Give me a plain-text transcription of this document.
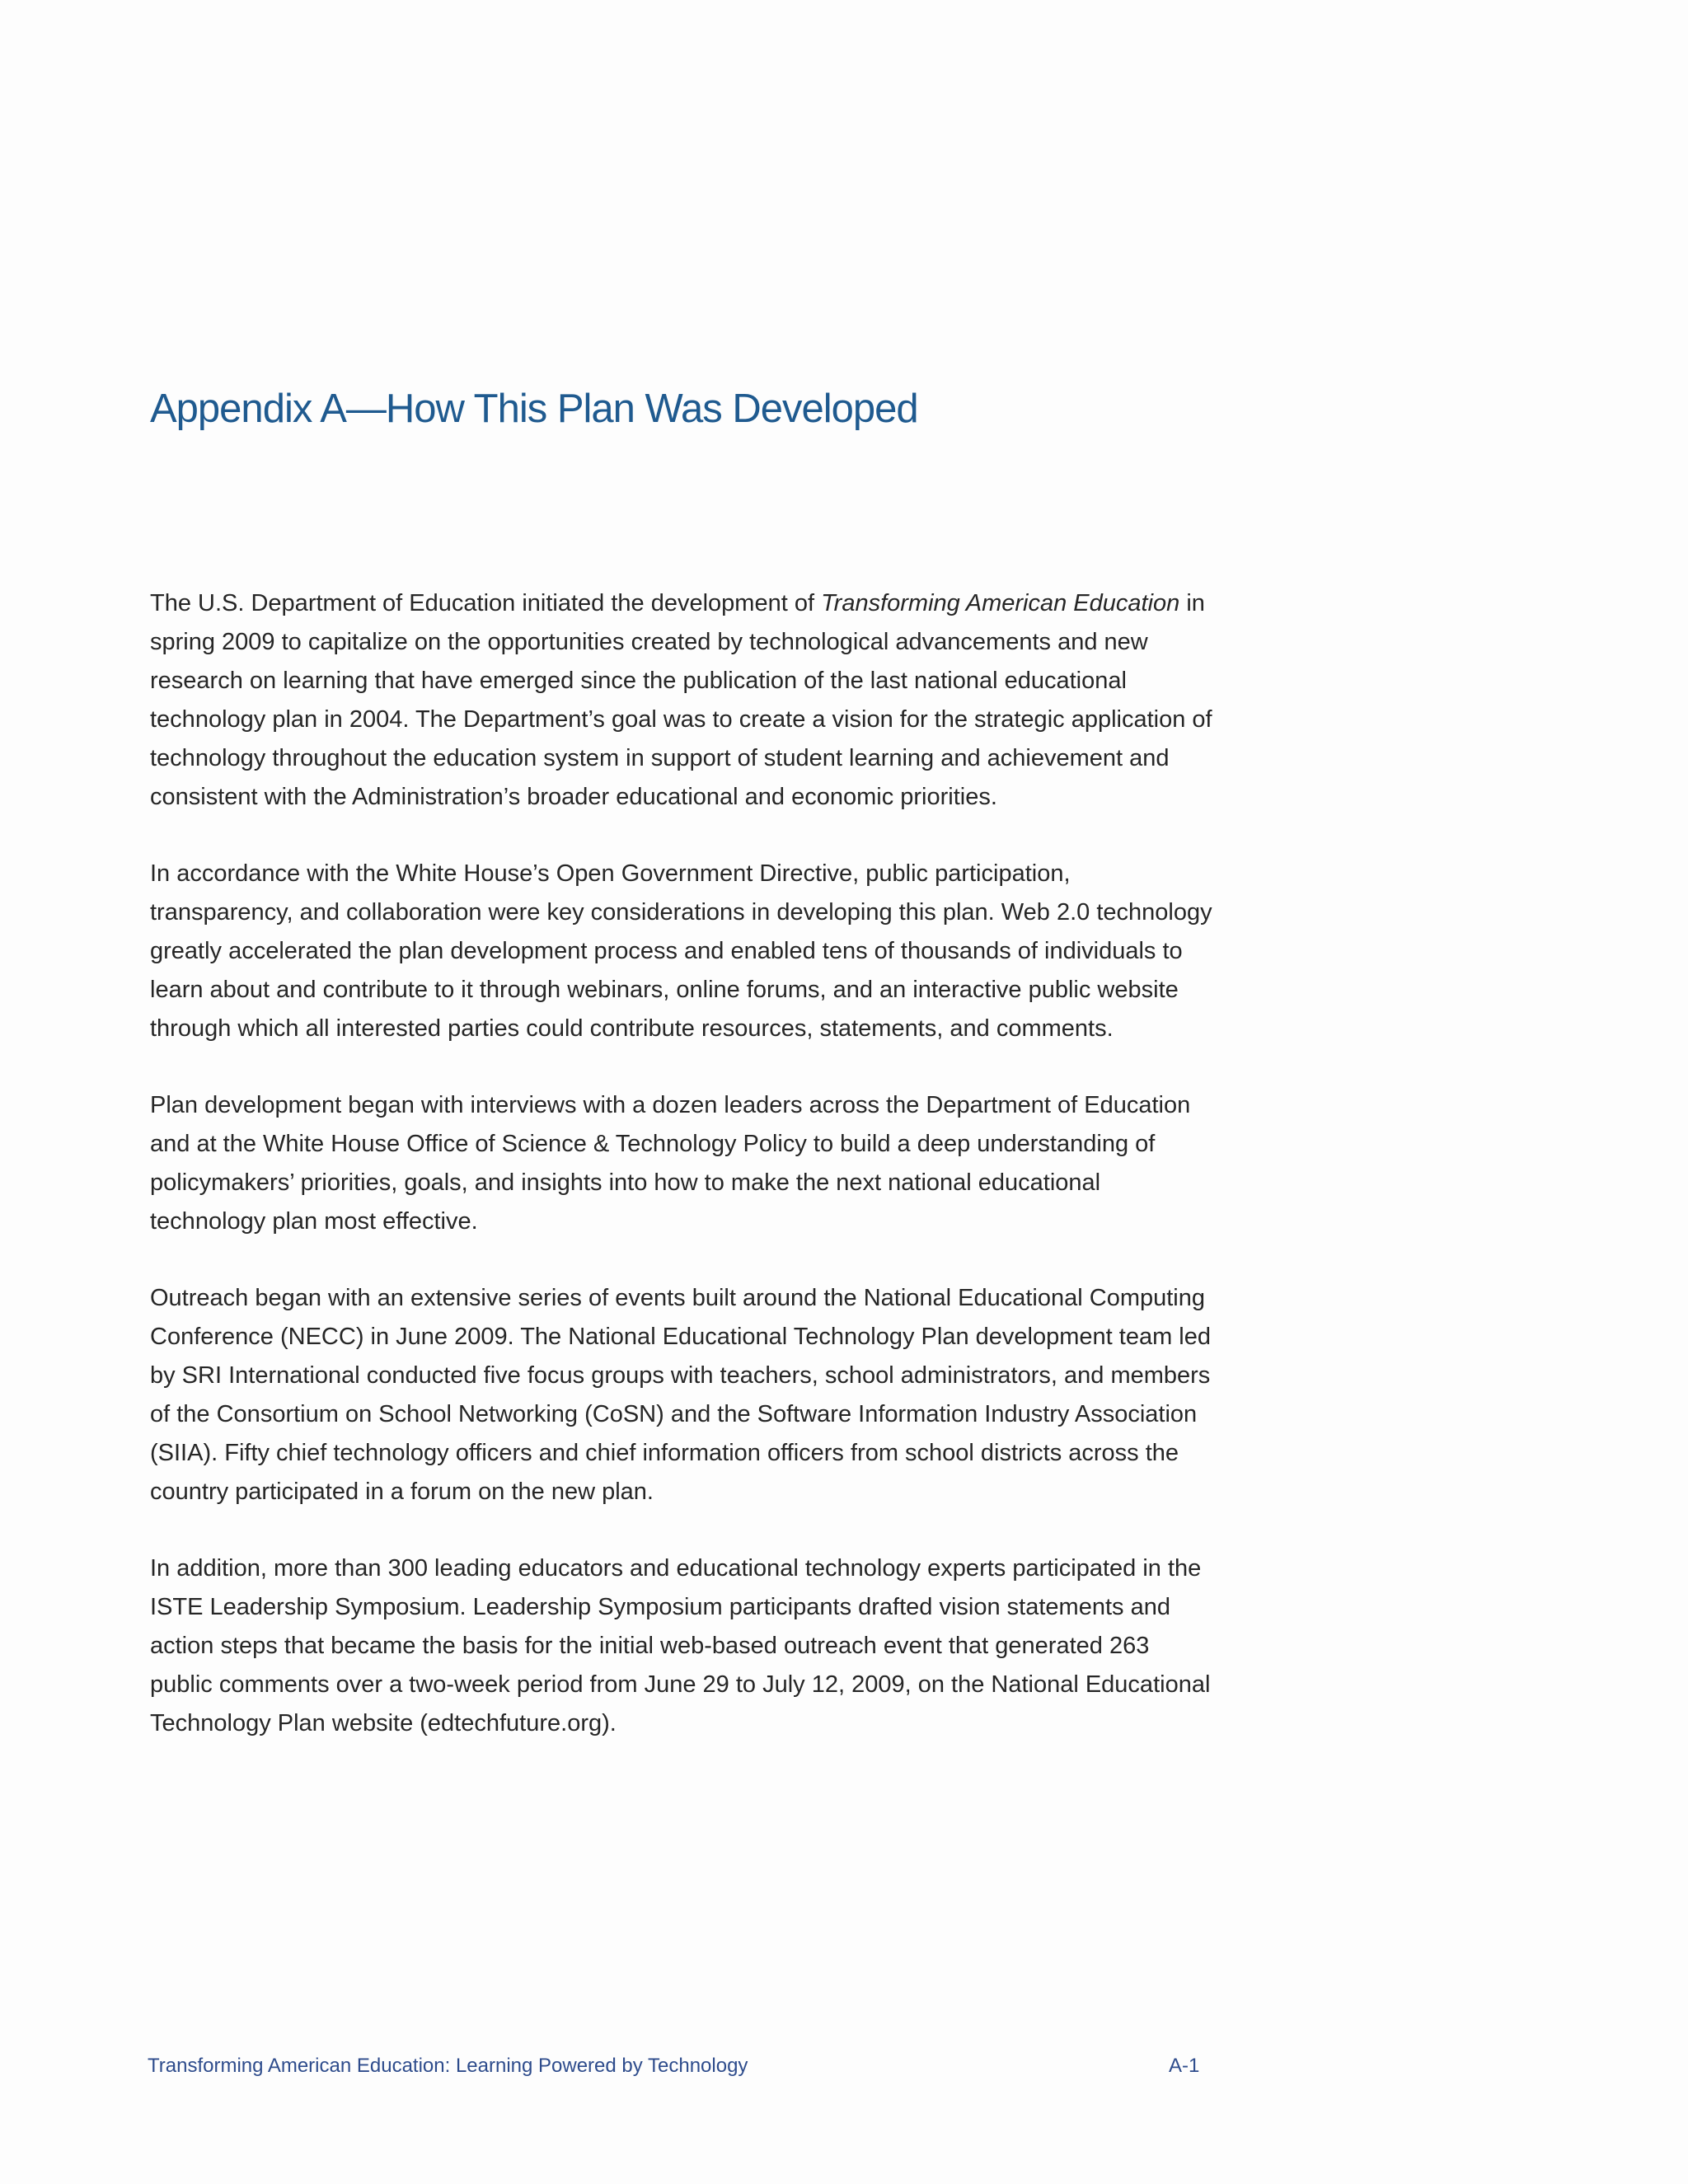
Appendix A—How This Plan Was Developed

The U.S. Department of Education initiated the development of Transforming American Education in spring 2009 to capitalize on the opportunities created by technological advancements and new research on learning that have emerged since the publication of the last national educational technology plan in 2004. The Department’s goal was to create a vision for the strategic application of technology throughout the education system in support of student learning and achievement and consistent with the Administration’s broader educational and economic priorities.

In accordance with the White House’s Open Government Directive, public participation, transparency, and collaboration were key considerations in developing this plan. Web 2.0 technology greatly accelerated the plan development process and enabled tens of thousands of individuals to learn about and contribute to it through webinars, online forums, and an interactive public website through which all interested parties could contribute resources, statements, and comments.

Plan development began with interviews with a dozen leaders across the Department of Education and at the White House Office of Science & Technology Policy to build a deep understanding of policymakers’ priorities, goals, and insights into how to make the next national educational technology plan most effective.

Outreach began with an extensive series of events built around the National Educational Computing Conference (NECC) in June 2009. The National Educational Technology Plan development team led by SRI International conducted five focus groups with teachers, school administrators, and members of the Consortium on School Networking (CoSN) and the Software Information Industry Association (SIIA). Fifty chief technology officers and chief information officers from school districts across the country participated in a forum on the new plan.

In addition, more than 300 leading educators and educational technology experts participated in the ISTE Leadership Symposium. Leadership Symposium participants drafted vision statements and action steps that became the basis for the initial web-based outreach event that generated 263 public comments over a two-week period from June 29 to July 12, 2009, on the National Educational Technology Plan website (edtechfuture.org).

Transforming American Education: Learning Powered by Technology	A-1
